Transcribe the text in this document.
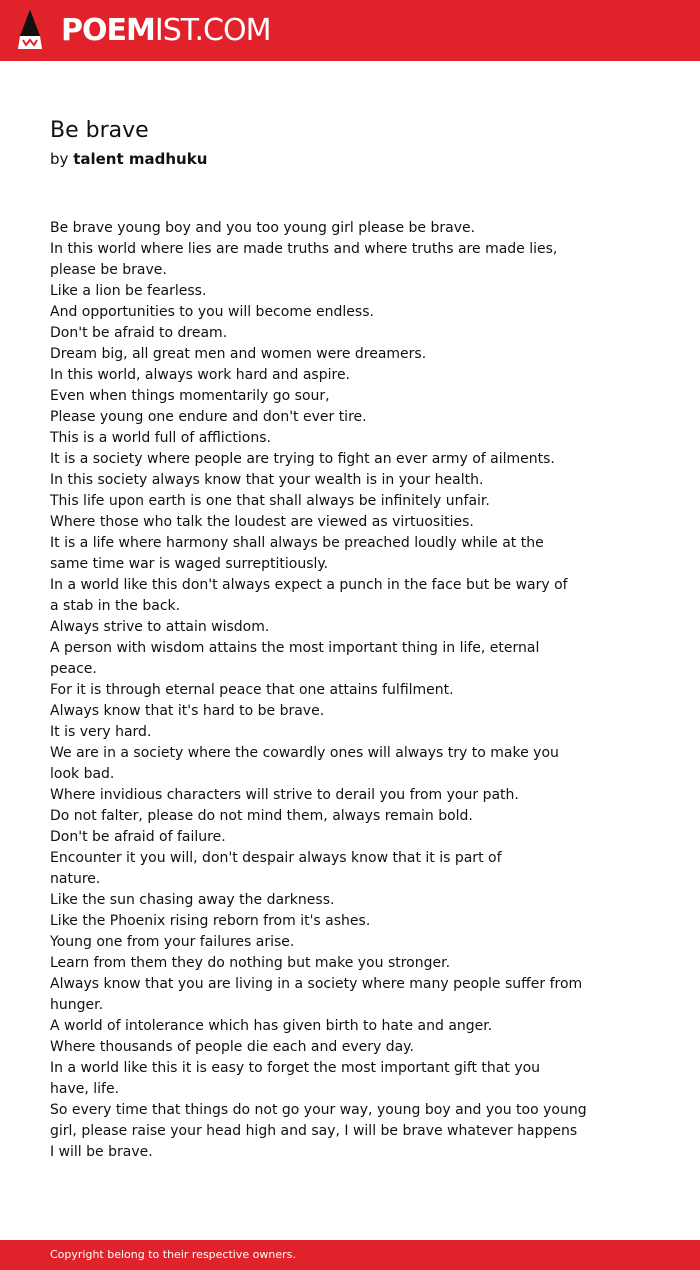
POEMIST.COM
Be brave
by talent madhuku
Be brave young boy and you too young girl please be brave.
In this world where lies are made truths and where truths are made lies,
please be brave.
Like a lion be fearless.
And opportunities to you will become endless.
Don't be afraid to dream.
Dream big, all great men and women were dreamers.
In this world, always work hard and aspire.
Even when things momentarily go sour,
Please young one endure and don't ever tire.
This is a world full of afflictions.
It is a society where people are trying to fight an ever army of ailments.
In this society always know that your wealth is in your health.
This life upon earth is one that shall always be infinitely unfair.
Where those who talk the loudest are viewed as virtuosities.
It is a life where harmony shall always be preached loudly while at the
same time war is waged surreptitiously.
In a world like this don't always expect a punch in the face but be wary of
a stab in the back.
Always strive to attain wisdom.
A person with wisdom attains the most important thing in life, eternal
peace.
For it is through eternal peace that one attains fulfilment.
Always know that it's hard to be brave.
It is very hard.
We are in a society where the cowardly ones will always try to make you
look bad.
Where invidious characters will strive to derail you from your path.
Do not falter, please do not mind them, always remain bold.
Don't be afraid of failure.
Encounter it you will, don't despair always know that it is part of
nature.
Like the sun chasing away the darkness.
Like the Phoenix rising reborn from it's ashes.
Young one from your failures arise.
Learn from them they do nothing but make you stronger.
Always know that you are living in a society where many people suffer from
hunger.
A world of intolerance which has given birth to hate and anger.
Where thousands of people die each and every day.
In a world like this it is easy to forget the most important gift that you
have, life.
So every time that things do not go your way, young boy and you too young
girl, please raise your head high and say, I will be brave whatever happens
I will be brave.
Copyright belong to their respective owners.
